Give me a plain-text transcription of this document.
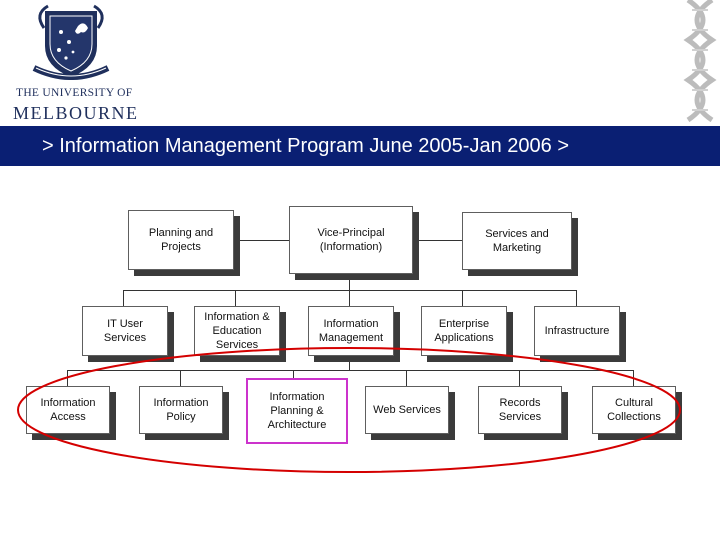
THE UNIVERSITY OF
MELBOURNE
> Information Management Program June 2005-Jan 2006 >
Planning and
Projects
Vice-Principal
(Information)
Services and
Marketing
IT User
Services
Information &
Education
Services
Information
Management
Enterprise
Applications
Infrastructure
Information
Access
Information
Policy
Information
Planning &
Architecture
Web Services
Records
Services
Cultural
Collections
